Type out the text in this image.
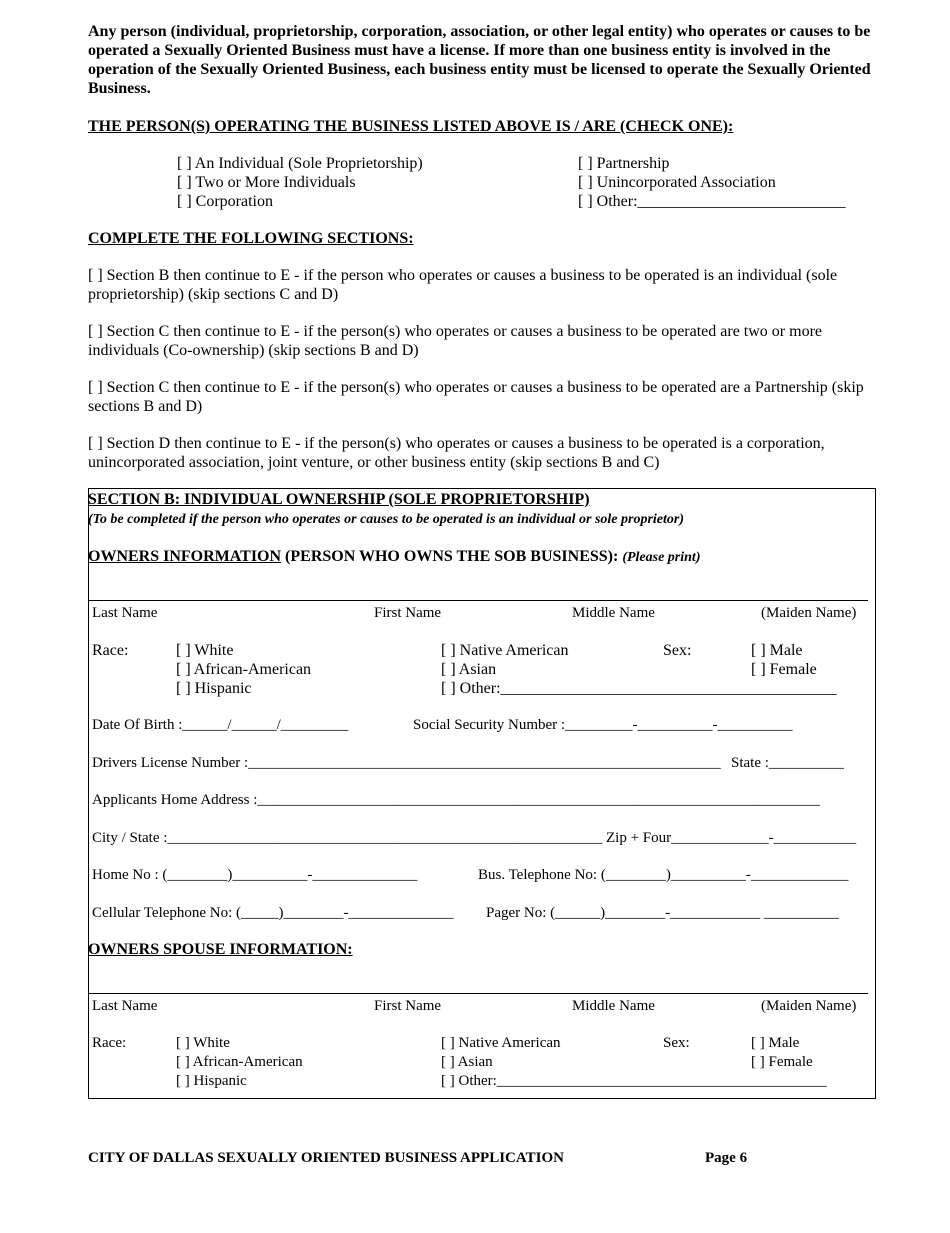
Any person (individual, proprietorship, corporation, association, or other legal entity) who operates or causes to be operated a Sexually Oriented Business must have a license. If more than one business entity is involved in the operation of the Sexually Oriented Business, each business entity must be licensed to operate the Sexually Oriented Business.
THE PERSON(S) OPERATING THE BUSINESS LISTED ABOVE IS / ARE (CHECK ONE):
[ ] An Individual (Sole Proprietorship)
[ ] Two or More Individuals
[ ] Corporation
[ ] Partnership
[ ] Unincorporated Association
[ ] Other:__________________________
COMPLETE THE FOLLOWING SECTIONS:
[ ] Section B then continue to E - if the person who operates or causes a business to be operated is an individual (sole proprietorship) (skip sections C and D)
[ ] Section C then continue to E - if the person(s) who operates or causes a business to be operated are two or more individuals (Co-ownership) (skip sections B and D)
[ ] Section C then continue to E - if the person(s) who operates or causes a business to be operated are a Partnership (skip sections B and D)
[ ] Section D then continue to E - if the person(s) who operates or causes a business to be operated is a corporation, unincorporated association, joint venture, or other business entity (skip sections B and C)
SECTION B: INDIVIDUAL OWNERSHIP (SOLE PROPRIETORSHIP)
(To be completed if the person who operates or causes to be operated is an individual or sole proprietor)
OWNERS INFORMATION (PERSON WHO OWNS THE SOB BUSINESS): (Please print)
Last Name	First Name	Middle Name	(Maiden Name)
Race:	[ ] White
[ ] African-American
[ ] Hispanic
[ ] Native American
[ ] Asian
[ ] Other:__________________________________________
Sex:	[ ] Male
[ ] Female
Date Of Birth :______/______/_________	Social Security Number :_________-__________-__________
Drivers License Number :_______________________________________________________________ State :__________
Applicants Home Address :___________________________________________________________________________
City / State :__________________________________________________________ Zip + Four_____________-___________
Home No : (________)__________-______________	Bus. Telephone No: (________)__________-_____________
Cellular Telephone No: (_____)________-______________ Pager No: (______)________-____________ __________
OWNERS SPOUSE INFORMATION:
Last Name	First Name	Middle Name	(Maiden Name)
Race:	[ ] White
[ ] African-American
[ ] Hispanic
[ ] Native American
[ ] Asian
[ ] Other:____________________________________________
Sex:	[ ] Male
[ ] Female
CITY OF DALLAS SEXUALLY ORIENTED BUSINESS APPLICATION	Page 6
